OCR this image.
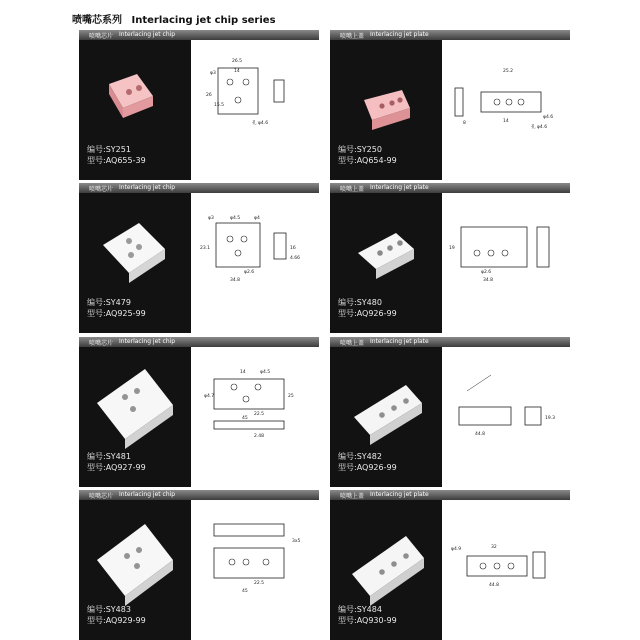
喷嘴芯系列 Interlacing jet chip series
喷嘴芯片 Interlacing jet chip
编号:SY251
型号:AQ655-39
26.5
14
φ3
26
15.5
孔 φ4.6
喷嘴上盖 Interlacing jet plate
编号:SY250
型号:AQ654-99
25.2
14
8
φ4.6
孔 φ4.6
喷嘴芯片 Interlacing jet chip
编号:SY479
型号:AQ925-99
φ3	φ4.5	φ4
23.1	16
4.66
φ2.6
34.8
喷嘴上盖 Interlacing jet plate
编号:SY480
型号:AQ926-99
19
φ2.6
34.8
喷嘴芯片 Interlacing jet chip
编号:SY481
型号:AQ927-99
14	φ4.5
φ4.7
22.5
45
25
2.48
喷嘴上盖 Interlacing jet plate
编号:SY482
型号:AQ926-99
19.3
44.8
喷嘴芯片 Interlacing jet chip
编号:SY483
型号:AQ929-99
3x5
22.5
45
喷嘴上盖 Interlacing jet plate
编号:SY484
型号:AQ930-99
φ4.9	32
44.8
